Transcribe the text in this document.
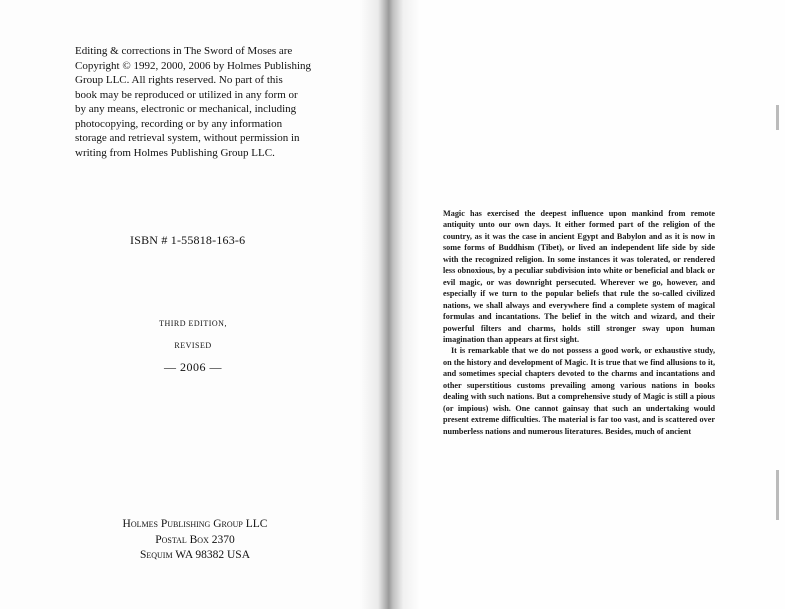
Editing & corrections in The Sword of Moses are

Copyright © 1992, 2000, 2006 by Holmes Publishing

Group LLC. All rights reserved. No part of this

book may be reproduced or utilized in any form or

by any means, electronic or mechanical, including

photocopying, recording or by any information

storage and retrieval system, without permission in

writing from Holmes Publishing Group LLC.

ISBN # 1-55818-163-6
THIRD EDITION,
REVISED
— 2006 —
Holmes Publishing Group LLC
Postal Box 2370
Sequim WA 98382 USA

Magic has exercised the deepest influence upon mankind from remote antiquity unto our own days. It either formed part of the religion of the country, as it was the case in ancient Egypt and Babylon and as it is now in some forms of Buddhism (Tibet), or lived an independent life side by side with the recognized religion. In some instances it was tolerated, or rendered less obnoxious, by a peculiar subdivision into white or beneficial and black or evil magic, or was downright persecuted. Wherever we go, however, and especially if we turn to the popular beliefs that rule the so-called civilized nations, we shall always and everywhere find a complete system of magical formulas and incantations. The belief in the witch and wizard, and their powerful filters and charms, holds still stronger sway upon human imagination than appears at first sight.

It is remarkable that we do not possess a good work, or exhaustive study, on the history and development of Magic. It is true that we find allusions to it, and sometimes special chapters devoted to the charms and incantations and other superstitious customs prevailing among various nations in books dealing with such nations. But a comprehensive study of Magic is still a pious (or impious) wish. One cannot gainsay that such an undertaking would present extreme difficulties. The material is far too vast, and is scattered over numberless nations and numerous literatures. Besides, much of ancient
